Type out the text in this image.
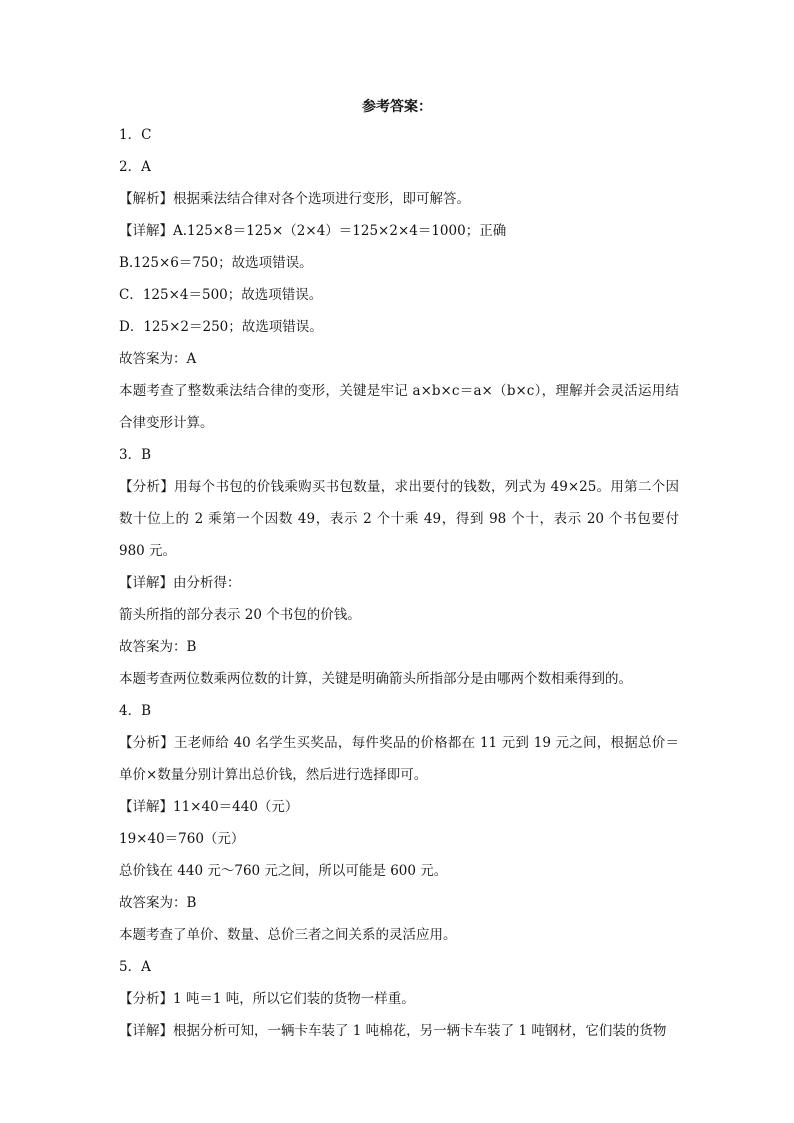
参考答案：
1．C
2．A
【解析】根据乘法结合律对各个选项进行变形，即可解答。
【详解】A.125×8＝125×（2×4）＝125×2×4＝1000；正确
B.125×6＝750；故选项错误。
C．125×4＝500；故选项错误。
D．125×2＝250；故选项错误。
故答案为：A
本题考查了整数乘法结合律的变形，关键是牢记 a×b×c＝a×（b×c），理解并会灵活运用结合律变形计算。
3．B
【分析】用每个书包的价钱乘购买书包数量，求出要付的钱数，列式为 49×25。用第二个因数十位上的 2 乘第一个因数 49，表示 2 个十乘 49，得到 98 个十，表示 20 个书包要付 980 元。
【详解】由分析得：
箭头所指的部分表示 20 个书包的价钱。
故答案为：B
本题考查两位数乘两位数的计算，关键是明确箭头所指部分是由哪两个数相乘得到的。
4．B
【分析】王老师给 40 名学生买奖品，每件奖品的价格都在 11 元到 19 元之间，根据总价＝单价×数量分别计算出总价钱，然后进行选择即可。
【详解】11×40＝440（元）
19×40＝760（元）
总价钱在 440 元～760 元之间，所以可能是 600 元。
故答案为：B
本题考查了单价、数量、总价三者之间关系的灵活应用。
5．A
【分析】1 吨＝1 吨，所以它们装的货物一样重。
【详解】根据分析可知，一辆卡车装了 1 吨棉花，另一辆卡车装了 1 吨钢材，它们装的货物
